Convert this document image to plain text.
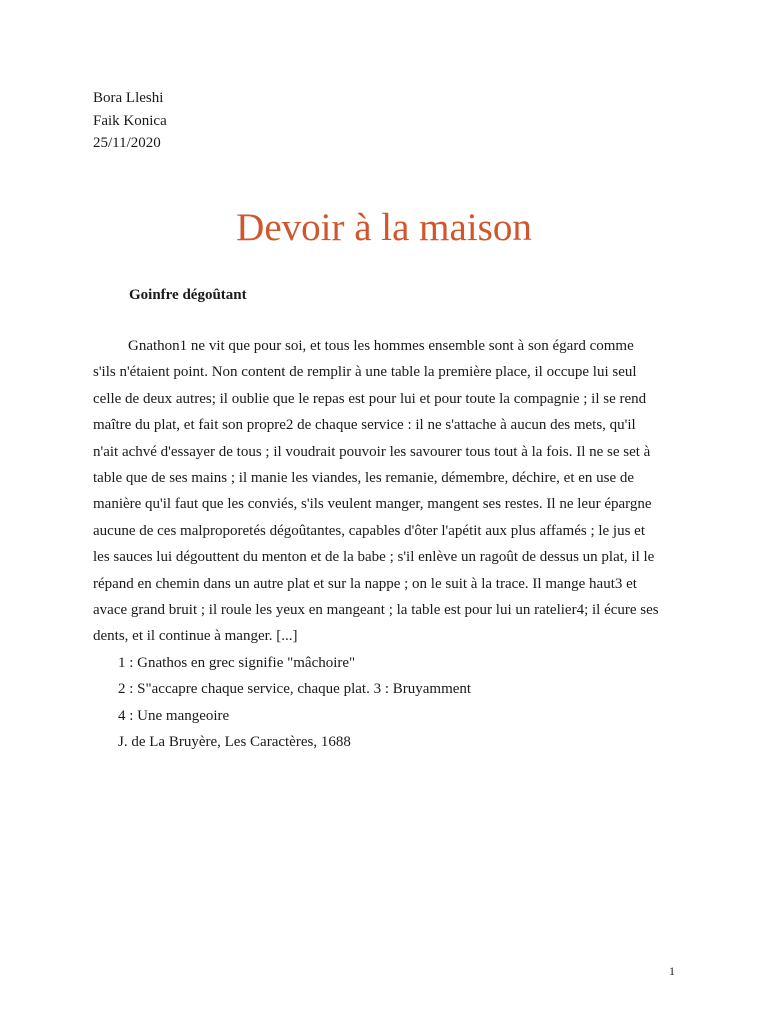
Bora Lleshi
Faik Konica
25/11/2020
Devoir à la maison
Goinfre dégoûtant
Gnathon1 ne vit que pour soi, et tous les hommes ensemble sont à son égard comme
s'ils n'étaient point. Non content de remplir à une table la première place, il occupe lui seul
celle de deux autres; il oublie que le repas est pour lui et pour toute la compagnie ; il se rend
maître du plat, et fait son propre2 de chaque service : il ne s'attache à aucun des mets, qu'il
n'ait achvé d'essayer de tous ; il voudrait pouvoir les savourer tous tout à la fois. Il ne se set à
table que de ses mains ; il manie les viandes, les remanie, démembre, déchire, et en use de
manière qu'il faut que les conviés, s'ils veulent manger, mangent ses restes. Il ne leur épargne
aucune de ces malproporetés dégoûtantes, capables d'ôter l'apétit aux plus affamés ; le jus et
les sauces lui dégouttent du menton et de la babe ; s'il enlève un ragoût de dessus un plat, il le
répand en chemin dans un autre plat et sur la nappe ; on le suit à la trace. Il mange haut3 et
avace grand bruit ; il roule les yeux en mangeant ; la table est pour lui un ratelier4; il écure ses
dents, et il continue à manger. [...]
1 : Gnathos en grec signifie "mâchoire"
2 : S"accapre chaque service, chaque plat. 3 : Bruyamment
4 : Une mangeoire
J. de La Bruyère, Les Caractères, 1688
1
